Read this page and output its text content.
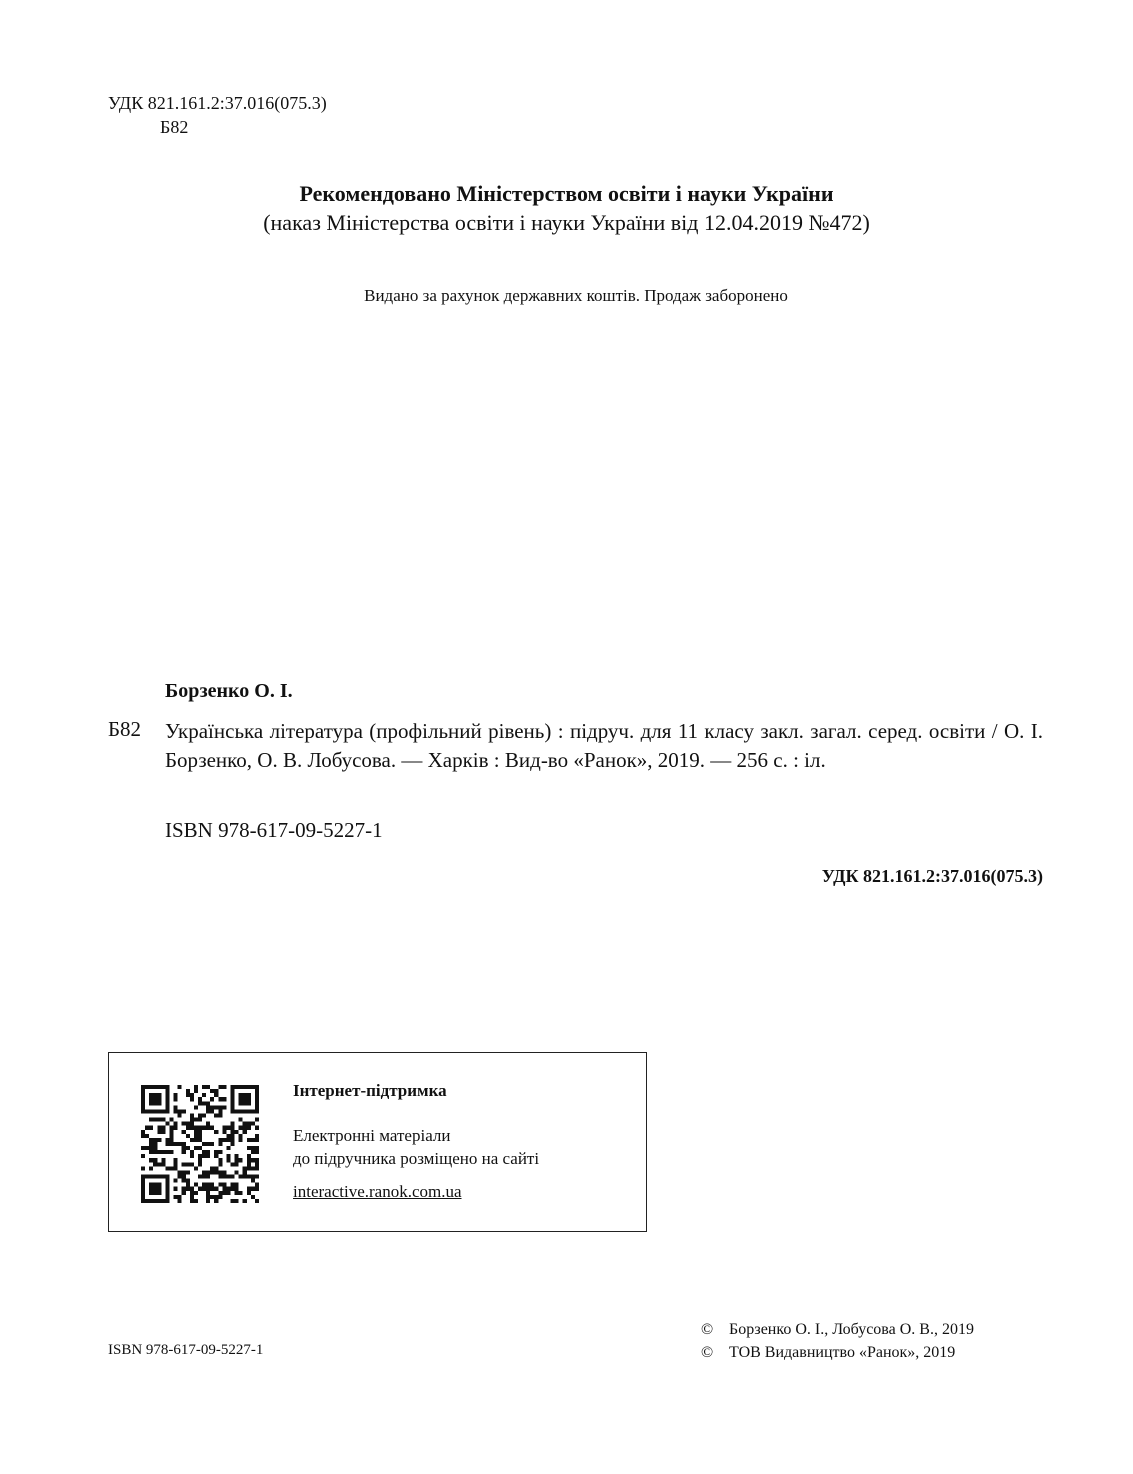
УДК 821.161.2:37.016(075.3)
Б82
Рекомендовано Міністерством освіти і науки України
(наказ Міністерства освіти і науки України від 12.04.2019 №472)
Видано за рахунок державних коштів. Продаж заборонено
Борзенко О. І.
Б82 Українська література (профільний рівень) : підруч. для 11 класу закл. загал. серед. освіти / О. І. Борзенко, О. В. Лобусова. — Харків : Вид-во «Ранок», 2019. — 256 с. : іл.
ISBN 978-617-09-5227-1
УДК 821.161.2:37.016(075.3)
Інтернет-підтримка
Електронні матеріали
до підручника розміщено на сайті
interactive.ranok.com.ua
ISBN 978-617-09-5227-1
© Борзенко О. І., Лобусова О. В., 2019
© ТОВ Видавництво «Ранок», 2019
